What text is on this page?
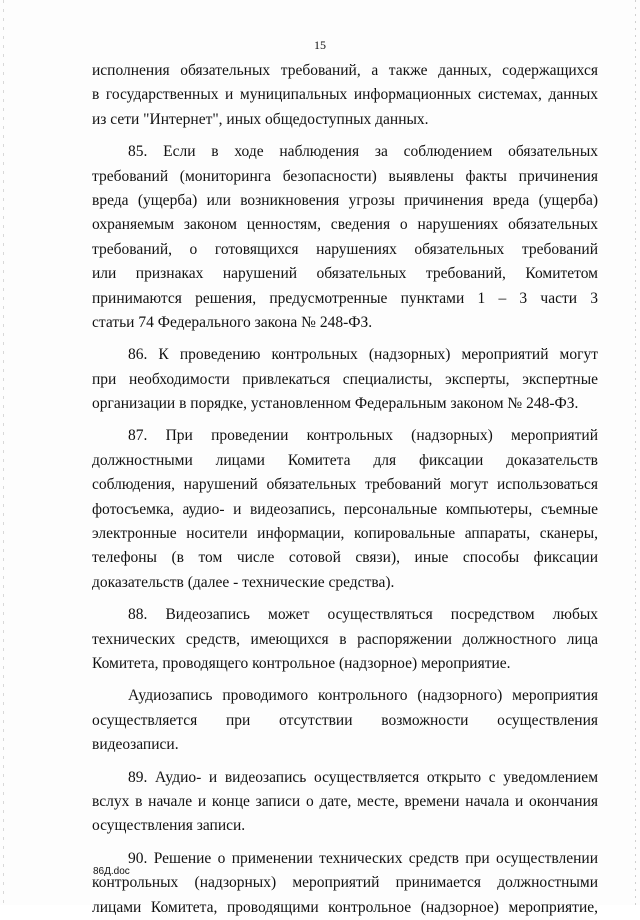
15
исполнения обязательных требований, а также данных, содержащихся
в государственных и муниципальных информационных системах, данных
из сети "Интернет", иных общедоступных данных.
85. Если в ходе наблюдения за соблюдением обязательных
требований (мониторинга безопасности) выявлены факты причинения
вреда (ущерба) или возникновения угрозы причинения вреда (ущерба)
охраняемым законом ценностям, сведения о нарушениях обязательных
требований, о готовящихся нарушениях обязательных требований
или признаках нарушений обязательных требований, Комитетом
принимаются решения, предусмотренные пунктами 1 – 3 части 3
статьи 74 Федерального закона № 248-ФЗ.
86. К проведению контрольных (надзорных) мероприятий могут
при необходимости привлекаться специалисты, эксперты, экспертные
организации в порядке, установленном Федеральным законом № 248-ФЗ.
87. При проведении контрольных (надзорных) мероприятий
должностными лицами Комитета для фиксации доказательств
соблюдения, нарушений обязательных требований могут использоваться
фотосъемка, аудио- и видеозапись, персональные компьютеры, съемные
электронные носители информации, копировальные аппараты, сканеры,
телефоны (в том числе сотовой связи), иные способы фиксации
доказательств (далее - технические средства).
88. Видеозапись может осуществляться посредством любых
технических средств, имеющихся в распоряжении должностного лица
Комитета, проводящего контрольное (надзорное) мероприятие.
Аудиозапись проводимого контрольного (надзорного) мероприятия
осуществляется при отсутствии возможности осуществления
видеозаписи.
89. Аудио- и видеозапись осуществляется открыто с уведомлением
вслух в начале и конце записи о дате, месте, времени начала и окончания
осуществления записи.
90. Решение о применении технических средств при осуществлении
контрольных (надзорных) мероприятий принимается должностными
лицами Комитета, проводящими контрольное (надзорное) мероприятие,
86Д.doc
